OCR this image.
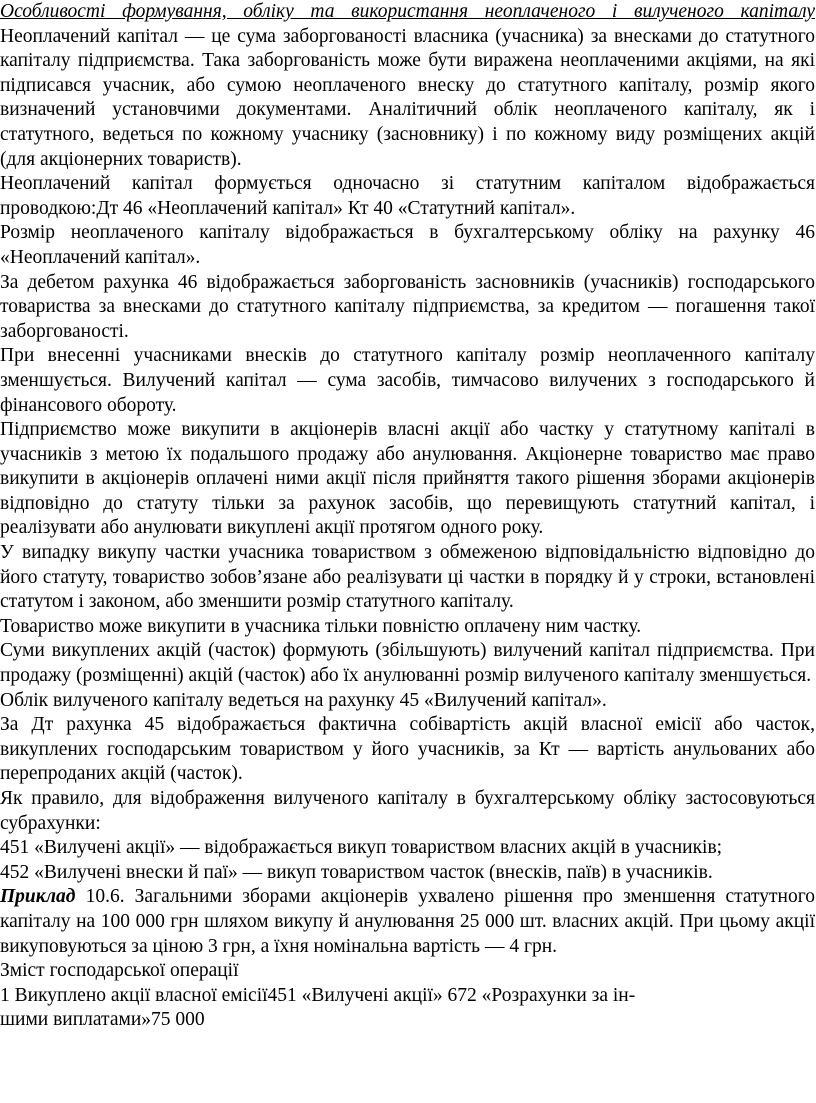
Особливості формування, обліку та використання неоплаченого і вилученого капіталу

Неоплачений капітал — це сума заборгованості власника (учасника) за внесками до статутного капіталу підприємства. Така заборгованість може бути виражена неоплаченими акціями, на які підписався учасник, або сумою неоплаченого внеску до статутного капіталу, розмір якого визначений установчими документами. Аналітичний облік неоплаченого капіталу, як і статутного, ведеться по кожному учаснику (засновнику) і по кожному виду розміщених акцій (для акціонерних товариств).

Неоплачений капітал формується одночасно зі статутним капіталом відображається проводкою:Дт 46 «Неоплачений капітал» Кт 40 «Статутний капітал».

Розмір неоплаченого капіталу відображається в бухгалтерському обліку на рахунку 46 «Неоплачений капітал».

За дебетом рахунка 46 відображається заборгованість засновників (учасників) господарського товариства за внесками до статутного капіталу підприємства, за кредитом — погашення такої заборгованості.

При внесенні учасниками внесків до статутного капіталу розмір неоплаченного капіталу зменшується. Вилучений капітал — сума засобів, тимчасово вилучених з господарського й фінансового обороту.

Підприємство може викупити в акціонерів власні акції або частку у статутному капіталі в учасників з метою їх подальшого продажу або анулювання. Акціонерне товариство має право викупити в акціонерів оплачені ними акції після прийняття такого рішення зборами акціонерів відповідно до статуту тільки за рахунок засобів, що перевищують статутний капітал, і реалізувати або анулювати викуплені акції протягом одного року.

У випадку викупу частки учасника товариством з обмеженою відповідальністю відповідно до його статуту, товариство зобов’язане або реалізувати ці частки в порядку й у строки, встановлені статутом і законом, або зменшити розмір статутного капіталу.

Товариство може викупити в учасника тільки повністю оплачену ним частку.

Суми викуплених акцій (часток) формують (збільшують) вилучений капітал підприємства. При продажу (розміщенні) акцій (часток) або їх анулюванні розмір вилученого капіталу зменшується.

Облік вилученого капіталу ведеться на рахунку 45 «Вилучений капітал».

За Дт рахунка 45 відображається фактична собівартість акцій власної емісії або часток, викуплених господарським товариством у його учасників, за Кт — вартість анульованих або перепроданих акцій (часток).

Як правило, для відображення вилученого капіталу в бухгалтерському обліку застосовуються субрахунки:

451 «Вилучені акції» — відображається викуп товариством власних акцій в учасників;

452 «Вилучені внески й паї» — викуп товариством часток (внесків, паїв) в учасників.

Приклад 10.6. Загальними зборами акціонерів ухвалено рішення про зменшення статутного капіталу на 100 000 грн шляхом викупу й анулювання 25 000 шт. власних акцій. При цьому акції викуповуються за ціною 3 грн, а їхня номінальна вартість — 4 грн.

Зміст господарської операції

1 Викуплено акції власної емісії451 «Вилучені акції» 672 «Розрахунки за ін-
шими виплатами»75 000
